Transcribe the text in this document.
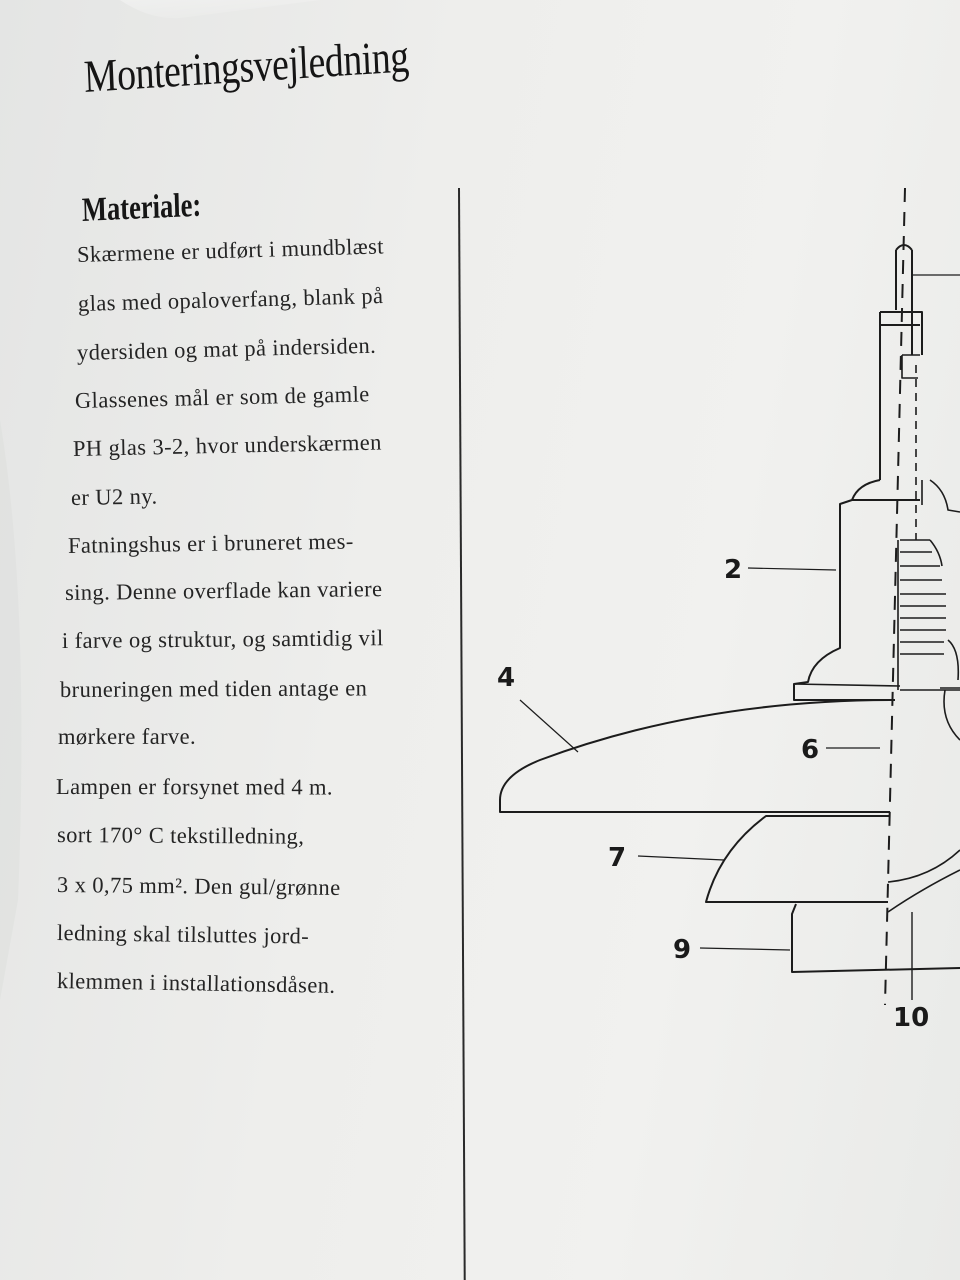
Monteringsvejledning
Materiale:
Skærmene er udført i mundblæst
glas med opaloverfang, blank på
ydersiden og mat på indersiden.
Glassenes mål er som de gamle
PH glas 3-2, hvor underskærmen
er U2 ny.
Fatningshus er i bruneret mes-
sing. Denne overflade kan variere
i farve og struktur, og samtidig vil
bruneringen med tiden antage en
mørkere farve.
Lampen er forsynet med 4 m.
sort 170° C tekstilledning,
3 x 0,75 mm². Den gul/grønne
ledning skal tilsluttes jord-
klemmen i installationsdåsen.
2
4
6
7
9
10
